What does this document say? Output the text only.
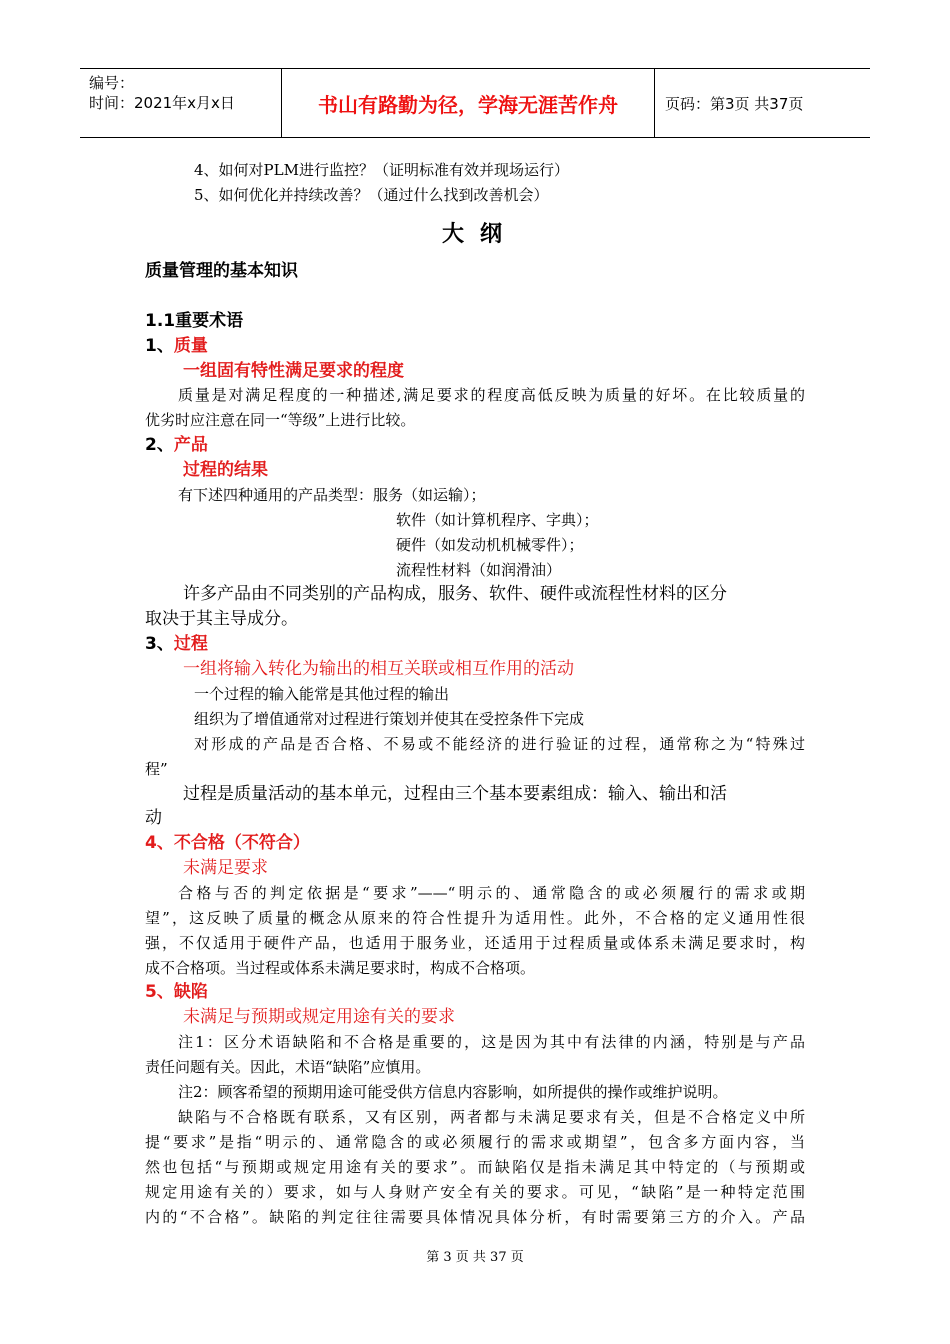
编号：
时间：2021年x月x日	书山有路勤为径，学海无涯苦作舟	页码：第3页 共37页
4、如何对PLM进行监控？（证明标准有效并现场运行）
5、如何优化并持续改善？（通过什么找到改善机会）
大纲
质量管理的基本知识
1.1重要术语
1、质量
一组固有特性满足要求的程度
质量是对满足程度的一种描述,满足要求的程度高低反映为质量的好坏。在比较质量的
优劣时应注意在同一“等级”上进行比较。
2、产品
过程的结果
有下述四种通用的产品类型：服务（如运输）；
软件（如计算机程序、字典）；
硬件（如发动机机械零件）；
流程性材料（如润滑油）
许多产品由不同类别的产品构成，服务、软件、硬件或流程性材料的区分
取决于其主导成分。
3、过程
一组将输入转化为输出的相互关联或相互作用的活动
一个过程的输入能常是其他过程的输出
组织为了增值通常对过程进行策划并使其在受控条件下完成
对形成的产品是否合格、不易或不能经济的进行验证的过程，通常称之为“特殊过
程”
过程是质量活动的基本单元，过程由三个基本要素组成：输入、输出和活
动
4、不合格（不符合）
未满足要求
合格与否的判定依据是“要求”——“明示的、通常隐含的或必须履行的需求或期
望”，这反映了质量的概念从原来的符合性提升为适用性。此外，不合格的定义通用性很
强，不仅适用于硬件产品，也适用于服务业，还适用于过程质量或体系未满足要求时，构
成不合格项。当过程或体系未满足要求时，构成不合格项。
5、缺陷
未满足与预期或规定用途有关的要求
注1：区分术语缺陷和不合格是重要的，这是因为其中有法律的内涵，特别是与产品
责任问题有关。因此，术语“缺陷”应慎用。
注2：顾客希望的预期用途可能受供方信息内容影响，如所提供的操作或维护说明。
缺陷与不合格既有联系，又有区别，两者都与未满足要求有关，但是不合格定义中所
提“要求”是指“明示的、通常隐含的或必须履行的需求或期望”，包含多方面内容，当
然也包括“与预期或规定用途有关的要求”。而缺陷仅是指未满足其中特定的（与预期或
规定用途有关的）要求，如与人身财产安全有关的要求。可见，“缺陷”是一种特定范围
内的“不合格”。缺陷的判定往往需要具体情况具体分析，有时需要第三方的介入。产品
第 3 页 共 37 页
